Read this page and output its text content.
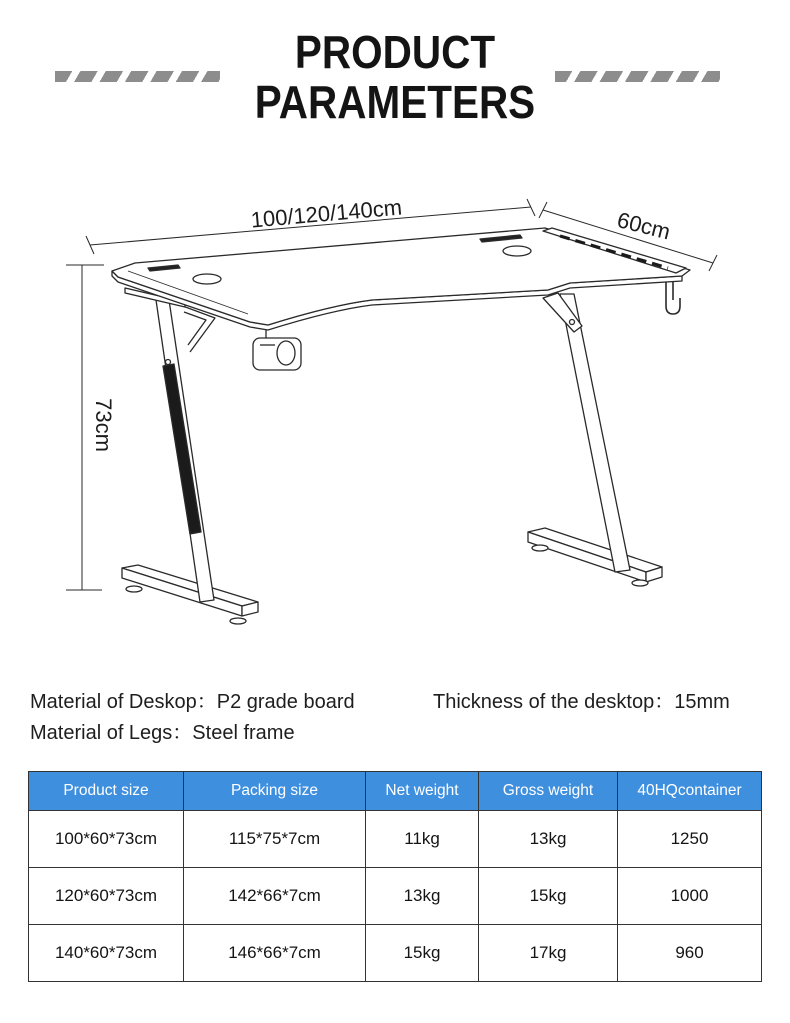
PRODUCT
PARAMETERS
100/120/140cm	60cm
73cm
Material of Deskop：P2 grade board	Thickness of the desktop：15mm
Material of Legs：Steel frame
Product size	Packing size	Net weight	Gross weight	40HQcontainer
100*60*73cm	115*75*7cm	11kg	13kg	1250
120*60*73cm	142*66*7cm	13kg	15kg	1000
140*60*73cm	146*66*7cm	15kg	17kg	960
